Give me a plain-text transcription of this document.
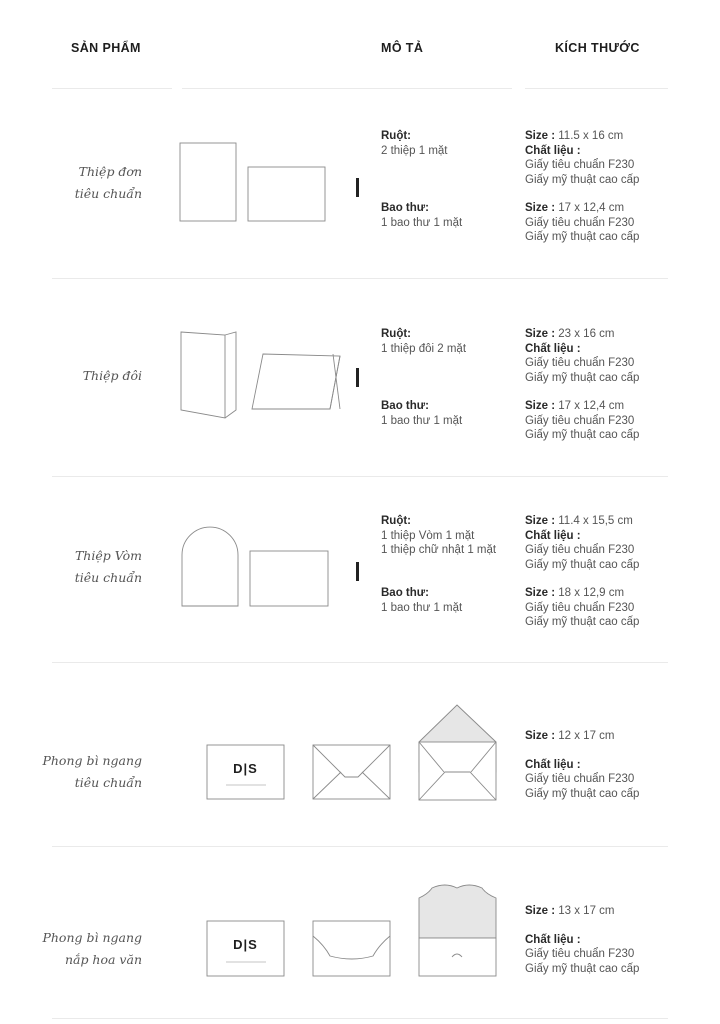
SẢN PHẨM	MÔ TẢ	KÍCH THƯỚC
D|S
D|S
Thiệp đơn
tiêu chuẩn
Ruột:
2 thiệp 1 mặt
Bao thư:
1 bao thư 1 mặt
Size : 11.5 x 16 cm
Chất liệu :
Giấy tiêu chuẩn F230
Giấy mỹ thuật cao cấp
Size : 17 x 12,4 cm
Giấy tiêu chuẩn F230
Giấy mỹ thuật cao cấp
Thiệp đôi
Ruột:
1 thiệp đôi 2 mặt
Bao thư:
1 bao thư 1 mặt
Size : 23 x 16 cm
Chất liệu :
Giấy tiêu chuẩn F230
Giấy mỹ thuật cao cấp
Size : 17 x 12,4 cm
Giấy tiêu chuẩn F230
Giấy mỹ thuật cao cấp
Thiệp Vòm
tiêu chuẩn
Ruột:
1 thiệp Vòm 1 mặt
1 thiệp chữ nhật 1 mặt
Bao thư:
1 bao thư 1 mặt
Size : 11.4 x 15,5 cm
Chất liệu :
Giấy tiêu chuẩn F230
Giấy mỹ thuật cao cấp
Size : 18 x 12,9 cm
Giấy tiêu chuẩn F230
Giấy mỹ thuật cao cấp
Phong bì ngang
tiêu chuẩn
Size : 12 x 17 cm
Chất liệu :
Giấy tiêu chuẩn F230
Giấy mỹ thuật cao cấp
Phong bì ngang
nắp hoa văn
Size : 13 x 17 cm
Chất liệu :
Giấy tiêu chuẩn F230
Giấy mỹ thuật cao cấp
